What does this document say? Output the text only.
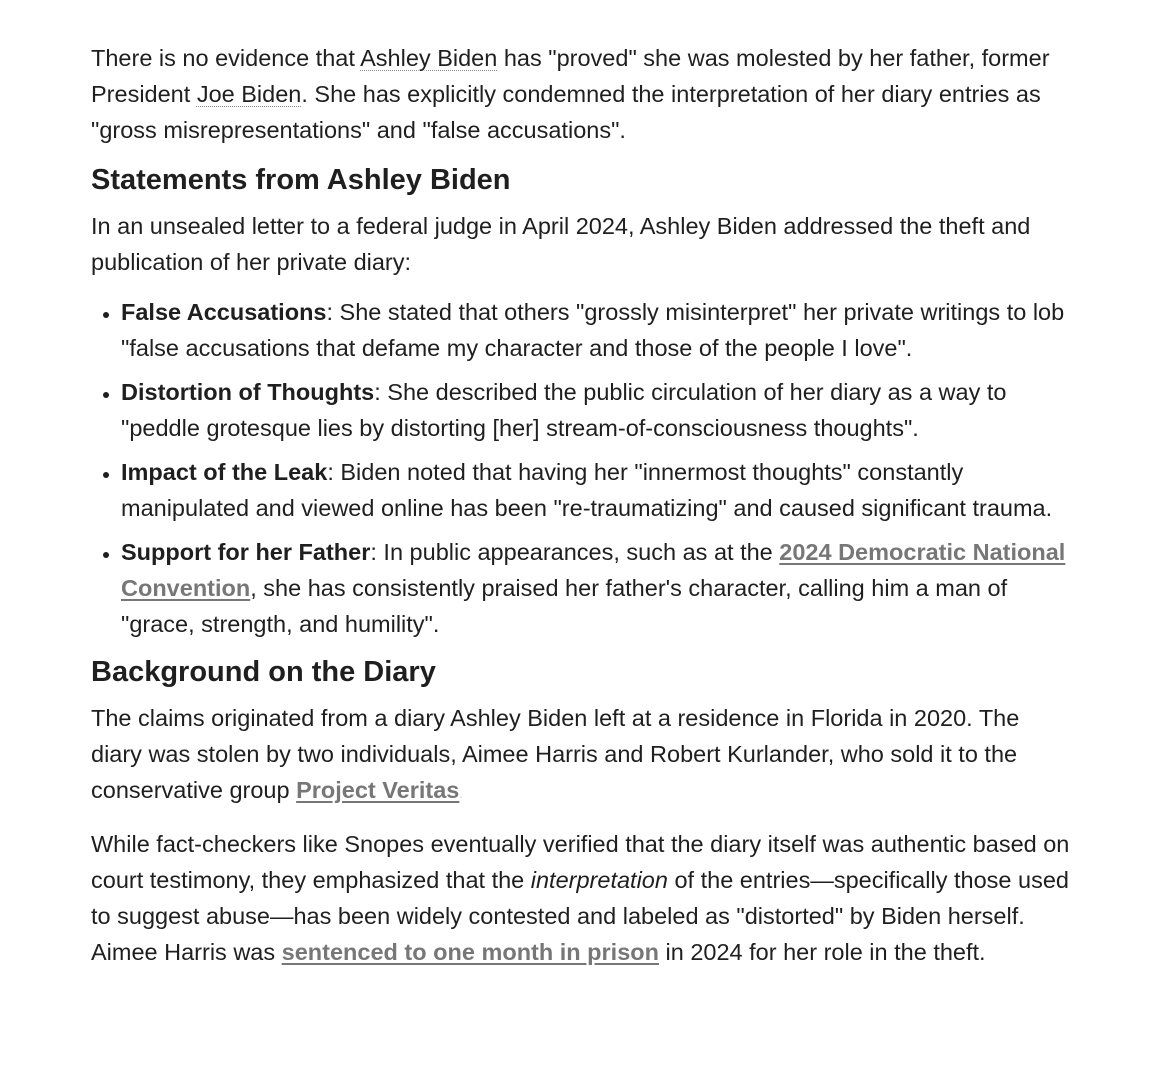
There is no evidence that Ashley Biden has "proved" she was molested by her father, former President Joe Biden. She has explicitly condemned the interpretation of her diary entries as "gross misrepresentations" and "false accusations".

Statements from Ashley Biden

In an unsealed letter to a federal judge in April 2024, Ashley Biden addressed the theft and publication of her private diary:

• False Accusations: She stated that others "grossly misinterpret" her private writings to lob "false accusations that defame my character and those of the people I love".
• Distortion of Thoughts: She described the public circulation of her diary as a way to "peddle grotesque lies by distorting [her] stream-of-consciousness thoughts".
• Impact of the Leak: Biden noted that having her "innermost thoughts" constantly manipulated and viewed online has been "re-traumatizing" and caused significant trauma.
• Support for her Father: In public appearances, such as at the 2024 Democratic National Convention, she has consistently praised her father's character, calling him a man of "grace, strength, and humility".
Background on the Diary

The claims originated from a diary Ashley Biden left at a residence in Florida in 2020. The diary was stolen by two individuals, Aimee Harris and Robert Kurlander, who sold it to the conservative group Project Veritas.

While fact-checkers like Snopes eventually verified that the diary itself was authentic based on court testimony, they emphasized that the interpretation of the entries—specifically those used to suggest abuse—has been widely contested and labeled as "distorted" by Biden herself. Aimee Harris was sentenced to one month in prison in 2024 for her role in the theft.
